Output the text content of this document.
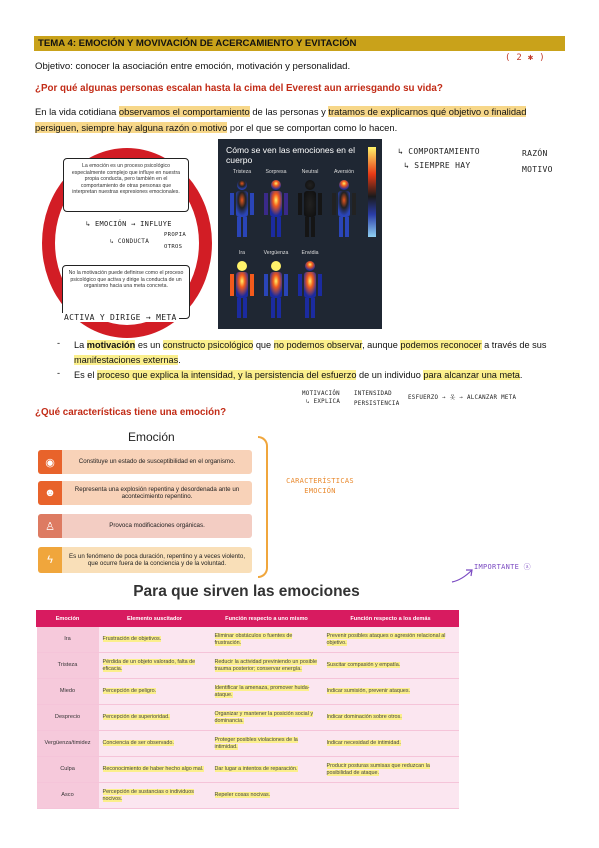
TEMA 4: EMOCIÓN Y MOVIVACIÓN DE ACERCAMIENTO Y EVITACIÓN
Objetivo: conocer la asociación entre emoción, motivación y personalidad.
( 2 ✱ )
¿Por qué algunas personas escalan hasta la cima del Everest aun arriesgando su vida?
En la vida cotidiana observamos el comportamiento de las personas y tratamos de explicarnos qué objetivo o finalidad persiguen, siempre hay alguna razón o motivo por el que se comportan como lo hacen.
La emoción es un proceso psicológico especialmente complejo que influye en nuestra propia conducta, pero también en el comportamiento de otras personas que interpretan nuestras expresiones emocionales.
No la motivación puede definirse como el proceso psicológico que activa y dirige la conducta de un organismo hacia una meta concreta.
↳ EMOCIÓN → INFLUYE
↳ CONDUCTA
PROPIA
OTROS
ACTIVA Y DIRIGE → META
Cómo se ven las emociones en el cuerpo
Tristeza	Sorpresa	Neutral	Aversión
Ira	Vergüenza	Envidia
↳ COMPORTAMIENTO
↳ SIEMPRE HAY
RAZÓN
MOTIVO
- La motivación es un constructo psicológico que no podemos observar, aunque podemos reconocer a través de sus manifestaciones externas.
- Es el proceso que explica la intensidad, y la persistencia del esfuerzo de un individuo para alcanzar una meta.
MOTIVACIÓN
↳ EXPLICA
INTENSIDAD
PERSISTENCIA
ESFUERZO → 옷 → ALCANZAR META
¿Qué características tiene una emoción?
Emoción
◉	Constituye un estado de susceptibilidad en el organismo.
☻	Representa una explosión repentina y desordenada ante un acontecimiento repentino.
♙	Provoca modificaciones orgánicas.
ϟ	Es un fenómeno de poca duración, repentino y a veces violento, que ocurre fuera de la conciencia y de la voluntad.
CARACTERÍSTICAS EMOCIÓN
IMPORTANTE ⓐ
Para que sirven las emociones
Emoción	Elemento suscitador	Función respecto a uno mismo	Función respecto a los demás
Ira	Frustración de objetivos.	Eliminar obstáculos o fuentes de frustración.	Prevenir posibles ataques o agresión relacional al objetivo.
Tristeza	Pérdida de un objeto valorado, falta de eficacia.	Reducir la actividad previniendo un posible trauma posterior; conservar energía.	Suscitar compasión y empatía.
Miedo	Percepción de peligro.	Identificar la amenaza, promover huida-ataque.	Indicar sumisión, prevenir ataques.
Desprecio	Percepción de superioridad.	Organizar y mantener la posición social y dominancia.	Indicar dominación sobre otros.
Vergüenza/timidez	Conciencia de ser observado.	Proteger posibles violaciones de la intimidad.	Indicar necesidad de intimidad.
Culpa	Reconocimiento de haber hecho algo mal.	Dar lugar a intentos de reparación.	Producir posturas sumisas que reduzcan la posibilidad de ataque.
Asco	Percepción de sustancias o individuos nocivos.	Repeler cosas nocivas.	
